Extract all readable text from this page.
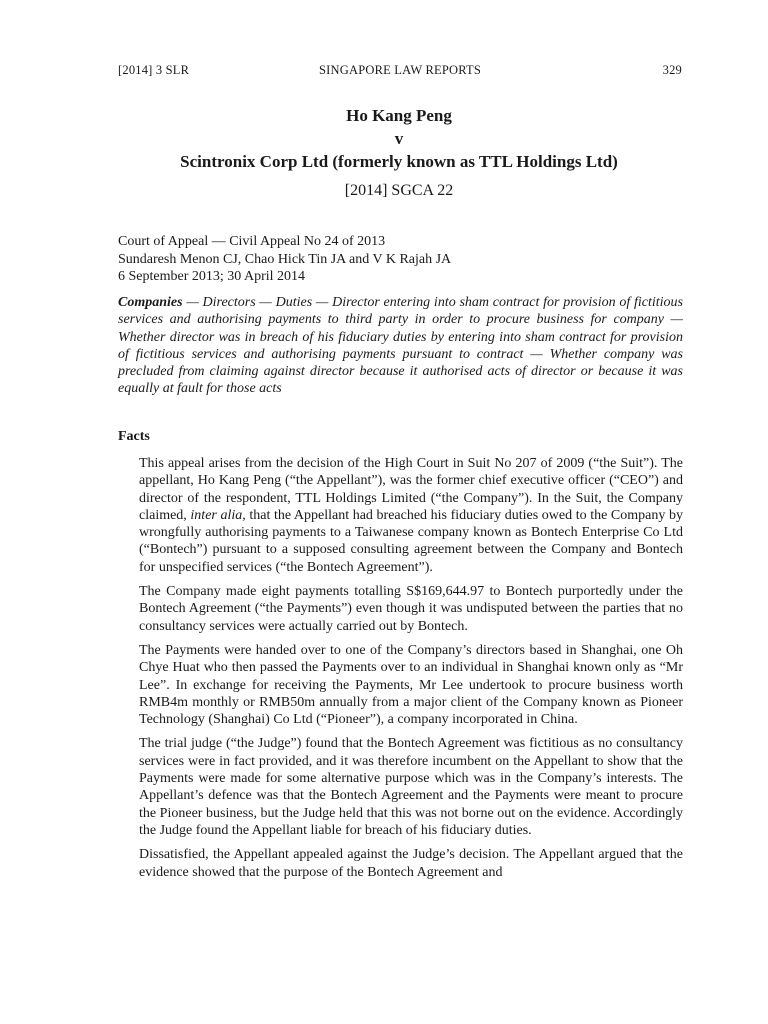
[2014] 3 SLR	SINGAPORE LAW REPORTS	329
Ho Kang Peng
v
Scintronix Corp Ltd (formerly known as TTL Holdings Ltd)
[2014] SGCA 22
Court of Appeal — Civil Appeal No 24 of 2013
Sundaresh Menon CJ, Chao Hick Tin JA and V K Rajah JA
6 September 2013; 30 April 2014
Companies — Directors — Duties — Director entering into sham contract for provision of fictitious services and authorising payments to third party in order to procure business for company — Whether director was in breach of his fiduciary duties by entering into sham contract for provision of fictitious services and authorising payments pursuant to contract — Whether company was precluded from claiming against director because it authorised acts of director or because it was equally at fault for those acts
Facts

This appeal arises from the decision of the High Court in Suit No 207 of 2009 (“the Suit”). The appellant, Ho Kang Peng (“the Appellant”), was the former chief executive officer (“CEO”) and director of the respondent, TTL Holdings Limited (“the Company”). In the Suit, the Company claimed, inter alia, that the Appellant had breached his fiduciary duties owed to the Company by wrongfully authorising payments to a Taiwanese company known as Bontech Enterprise Co Ltd (“Bontech”) pursuant to a supposed consulting agreement between the Company and Bontech for unspecified services (“the Bontech Agreement”).

The Company made eight payments totalling S$169,644.97 to Bontech purportedly under the Bontech Agreement (“the Payments”) even though it was undisputed between the parties that no consultancy services were actually carried out by Bontech.

The Payments were handed over to one of the Company’s directors based in Shanghai, one Oh Chye Huat who then passed the Payments over to an individual in Shanghai known only as “Mr Lee”. In exchange for receiving the Payments, Mr Lee undertook to procure business worth RMB4m monthly or RMB50m annually from a major client of the Company known as Pioneer Technology (Shanghai) Co Ltd (“Pioneer”), a company incorporated in China.

The trial judge (“the Judge”) found that the Bontech Agreement was fictitious as no consultancy services were in fact provided, and it was therefore incumbent on the Appellant to show that the Payments were made for some alternative purpose which was in the Company’s interests. The Appellant’s defence was that the Bontech Agreement and the Payments were meant to procure the Pioneer business, but the Judge held that this was not borne out on the evidence. Accordingly the Judge found the Appellant liable for breach of his fiduciary duties.

Dissatisfied, the Appellant appealed against the Judge’s decision. The Appellant argued that the evidence showed that the purpose of the Bontech Agreement and
